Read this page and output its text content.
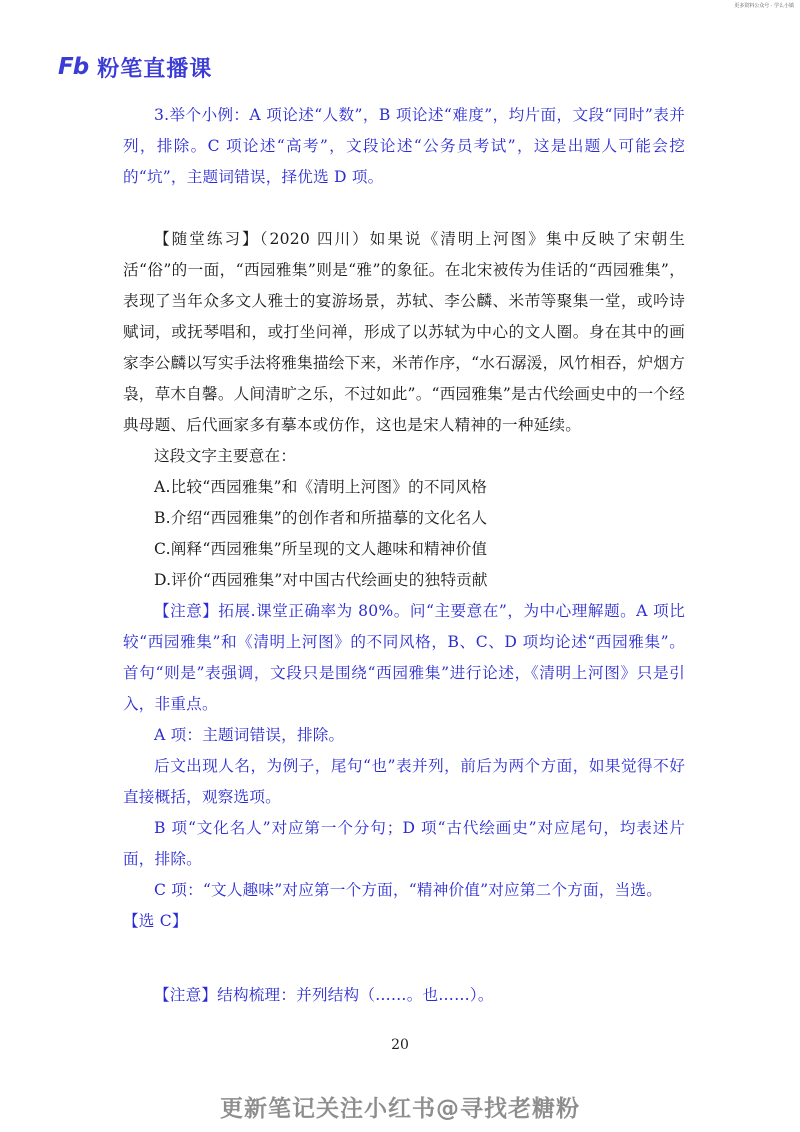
更多资料公众号 · 学么小镇
Fb 粉笔直播课

3.举个小例：A 项论述“人数”，B 项论述“难度”，均片面，文段“同时”表并列，排除。C 项论述“高考”，文段论述“公务员考试”，这是出题人可能会挖的“坑”，主题词错误，择优选 D 项。

【随堂练习】（2020 四川）如果说《清明上河图》集中反映了宋朝生活“俗”的一面，“西园雅集”则是“雅”的象征。在北宋被传为佳话的“西园雅集”，表现了当年众多文人雅士的宴游场景，苏轼、李公麟、米芾等聚集一堂，或吟诗赋词，或抚琴唱和，或打坐问禅，形成了以苏轼为中心的文人圈。身在其中的画家李公麟以写实手法将雅集描绘下来，米芾作序，“水石潺湲，风竹相吞，炉烟方袅，草木自馨。人间清旷之乐，不过如此”。“西园雅集”是古代绘画史中的一个经典母题、后代画家多有摹本或仿作，这也是宋人精神的一种延续。

这段文字主要意在：

A.比较“西园雅集”和《清明上河图》的不同风格

B.介绍“西园雅集”的创作者和所描摹的文化名人

C.阐释“西园雅集”所呈现的文人趣味和精神价值

D.评价“西园雅集”对中国古代绘画史的独特贡献

【注意】拓展.课堂正确率为 80%。问“主要意在”，为中心理解题。A 项比较“西园雅集”和《清明上河图》的不同风格，B、C、D 项均论述“西园雅集”。首句“则是”表强调，文段只是围绕“西园雅集”进行论述，《清明上河图》只是引入，非重点。

A 项：主题词错误，排除。

后文出现人名，为例子，尾句“也”表并列，前后为两个方面，如果觉得不好直接概括，观察选项。

B 项“文化名人”对应第一个分句；D 项“古代绘画史”对应尾句，均表述片面，排除。

C 项：“文人趣味”对应第一个方面，“精神价值”对应第二个方面，当选。

【选 C】

【注意】结构梳理：并列结构（……。也……）。

20
更新笔记关注小红书@寻找老糖粉
